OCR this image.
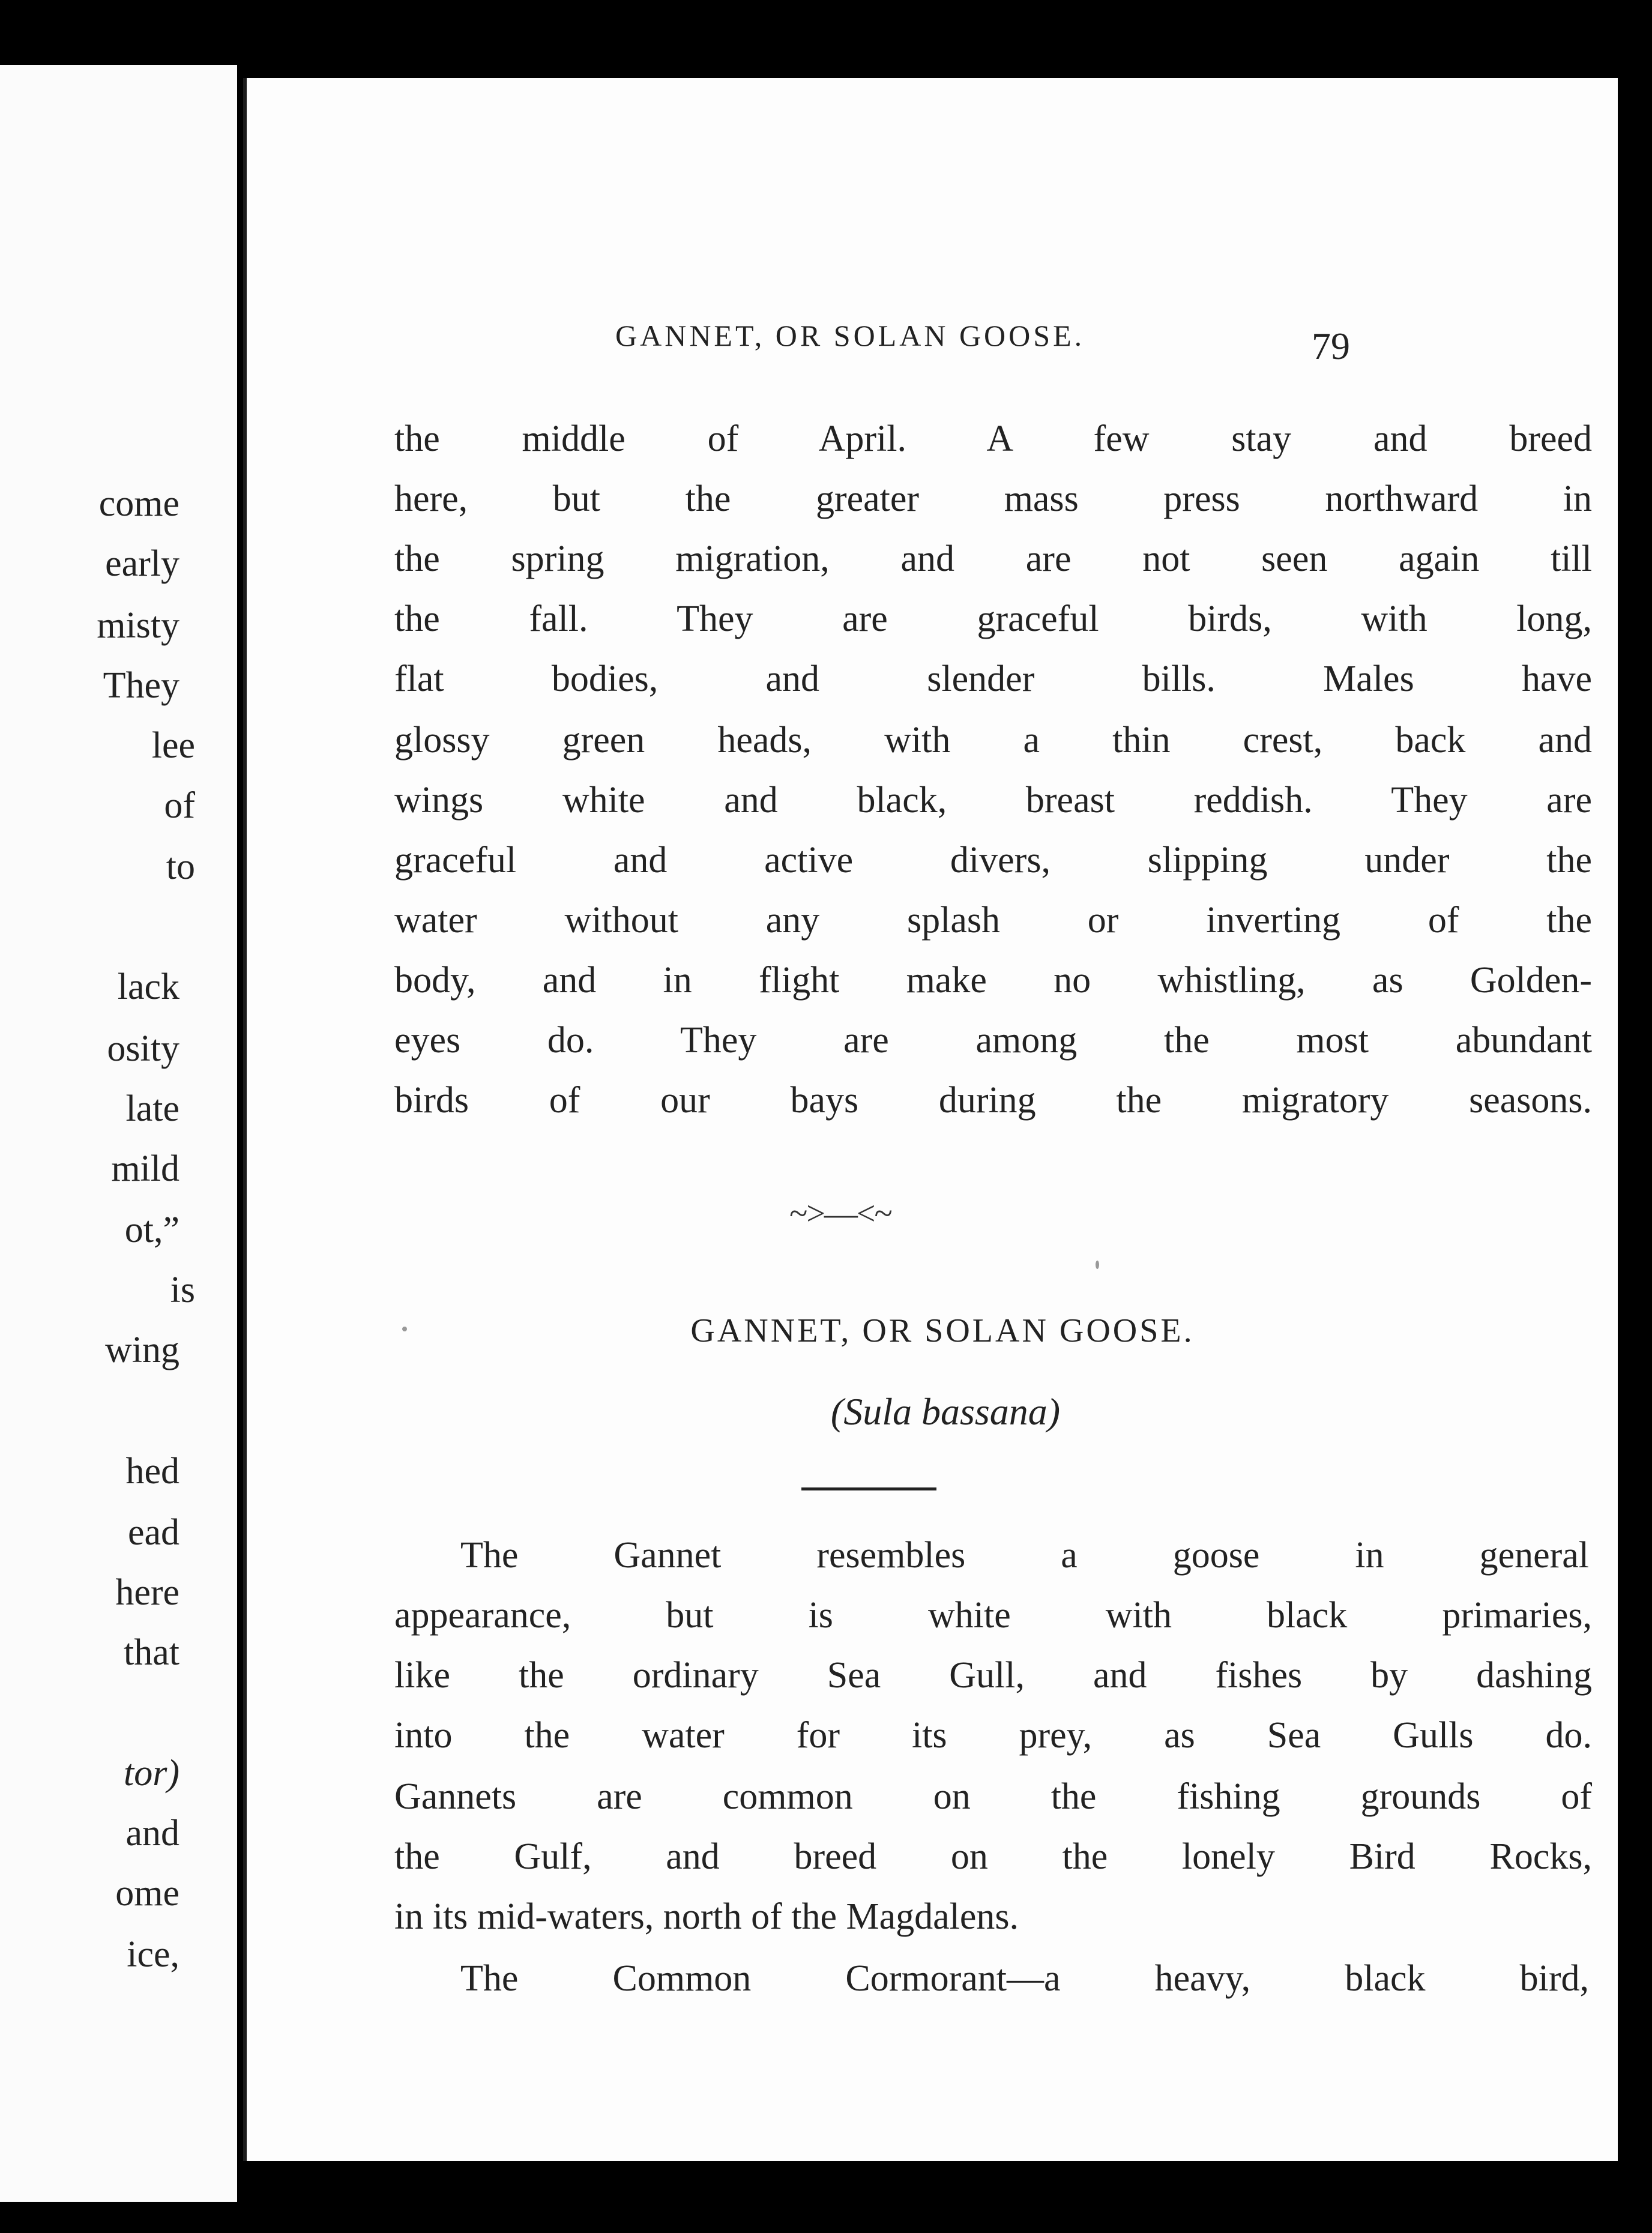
come
early
misty
They
lee
of
to
lack
osity
late
mild
ot,”
is
wing
hed
ead
here
that
tor)
and
ome
ice,
GANNET, OR SOLAN GOOSE.	79
the middle of April. A few stay and breed
here, but the greater mass press northward in
the spring migration, and are not seen again till
the fall. They are graceful birds, with long,
flat bodies, and slender bills. Males have
glossy green heads, with a thin crest, back and
wings white and black, breast reddish. They are
graceful and active divers, slipping under the
water without any splash or inverting of the
body, and in flight make no whistling, as Golden-
eyes do. They are among the most abundant
birds of our bays during the migratory seasons.
~>—<~
GANNET, OR SOLAN GOOSE.
(Sula bassana)
The Gannet resembles a goose in general
appearance, but is white with black primaries,
like the ordinary Sea Gull, and fishes by dashing
into the water for its prey, as Sea Gulls do.
Gannets are common on the fishing grounds of
the Gulf, and breed on the lonely Bird Rocks,
in its mid-waters, north of the Magdalens.
The Common Cormorant—a heavy, black bird,
